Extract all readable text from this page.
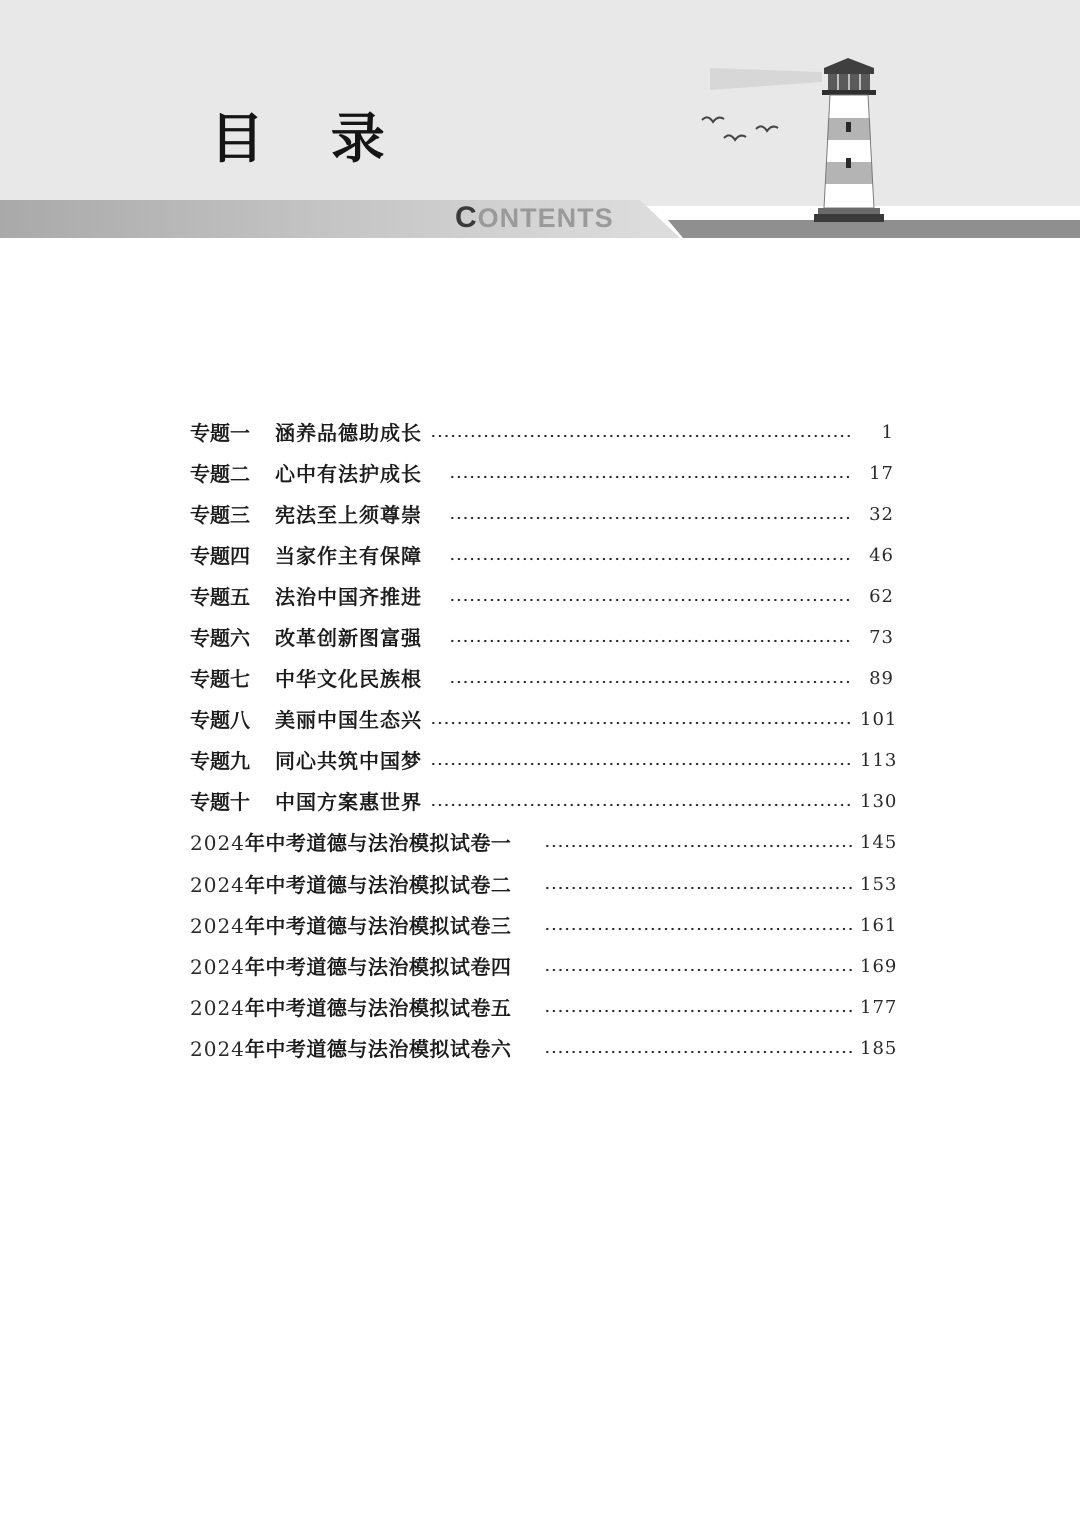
目 录
CONTENTS
专题一	涵养品德助成长	1
专题二	心中有法护成长	17
专题三	宪法至上须尊崇	32
专题四	当家作主有保障	46
专题五	法治中国齐推进	62
专题六	改革创新图富强	73
专题七	中华文化民族根	89
专题八	美丽中国生态兴	101
专题九	同心共筑中国梦	113
专题十	中国方案惠世界	130
2024年中考道德与法治模拟试卷一	145
2024年中考道德与法治模拟试卷二	153
2024年中考道德与法治模拟试卷三	161
2024年中考道德与法治模拟试卷四	169
2024年中考道德与法治模拟试卷五	177
2024年中考道德与法治模拟试卷六	185
